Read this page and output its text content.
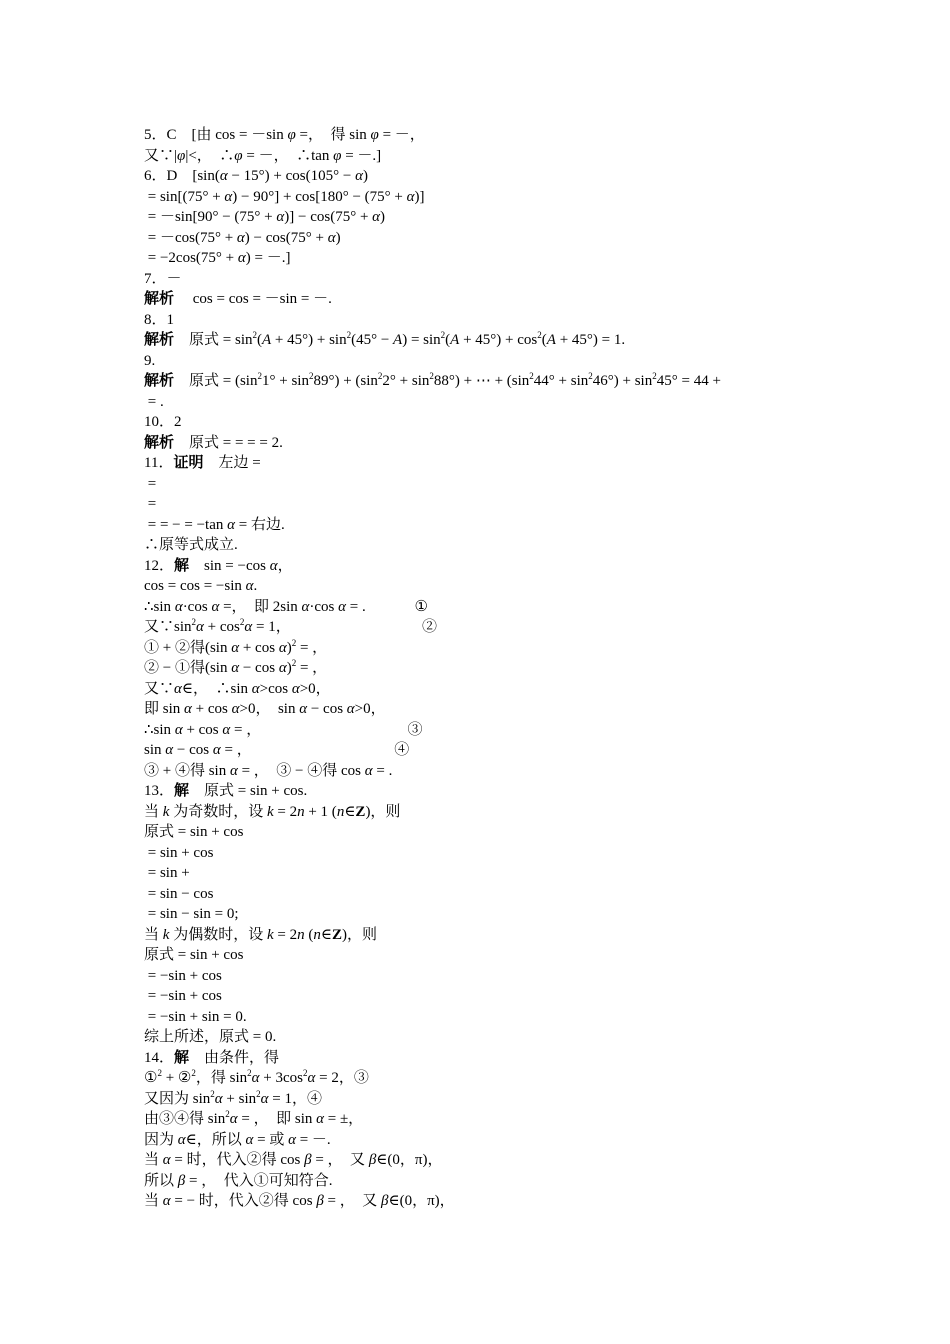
5．C　[由 cos = －sin φ =，  得 sin φ = －，
又∵|φ|<，  ∴φ = －，  ∴tan φ = －.]
6．D　[sin(α − 15°) + cos(105° − α)
= sin[(75° + α) − 90°] + cos[180° − (75° + α)]
= －sin[90° − (75° + α)] − cos(75° + α)
= －cos(75° + α) − cos(75° + α)
= −2cos(75° + α) = －.]
7．－
解析　 cos = cos = －sin = －.
8．1
解析　原式 = $\sin^2(A + 45^\circ) + \sin^2(45^\circ - A) = \sin^2(A + 45^\circ) + \cos^2(A + 45^\circ) = 1$.
9.
解析　原式 = $(\sin^21^\circ + \sin^289^\circ) + (\sin^22^\circ + \sin^288^\circ)$ + ⋯ + $(\sin^244^\circ + \sin^246^\circ) + \sin^245^\circ = 44$ +
= .
10．2
解析　原式 = = = = 2.
11．证明　左边 =
=
=
= = − = −tan α = 右边.
∴原等式成立.
12．解　sin = −cos α，
cos = cos = −sin α.
∴sin α·cos α =，  即 2sin α·cos α = .             ①
又$\because\sin^2\alpha + \cos^2\alpha = 1$，                                   ②
① + ②得(sin α + cos α)$^2$ = ，
② − ①得(sin α − cos α)$^2$ = ，
又∵α∈，  ∴sin α>cos α>0，
即 sin α + cos α>0，  sin α − cos α>0，
∴sin α + cos α = ，                                       ③
sin α − cos α = ，                                      ④
③ + ④得 sin α = ，  ③ − ④得 cos α = .
13．解　原式 = sin + cos.
当 k 为奇数时，设 k = 2n + 1 (n∈Z)，则
原式 = sin + cos
= sin + cos
= sin +
= sin − cos
= sin − sin = 0;
当 k 为偶数时，设 k = 2n (n∈Z)，则
原式 = sin + cos
= −sin + cos
= −sin + cos
= −sin + sin = 0.
综上所述，原式 = 0.
14．解　由条件，得
①$^2$ + ②$^2$，得 $\sin^2\alpha + 3\cos^2\alpha = 2$，③
又因为 $\sin^2\alpha + \sin^2\alpha = 1$，④
由③④得 $\sin^2\alpha$ = ，  即 sin α = ±，
因为 α∈，所以 α = 或 α = －.
当 α = 时，代入②得 cos β = ，  又 β∈(0，π)，
所以 β = ，  代入①可知符合.
当 α = − 时，代入②得 cos β = ，  又 β∈(0，π)，
